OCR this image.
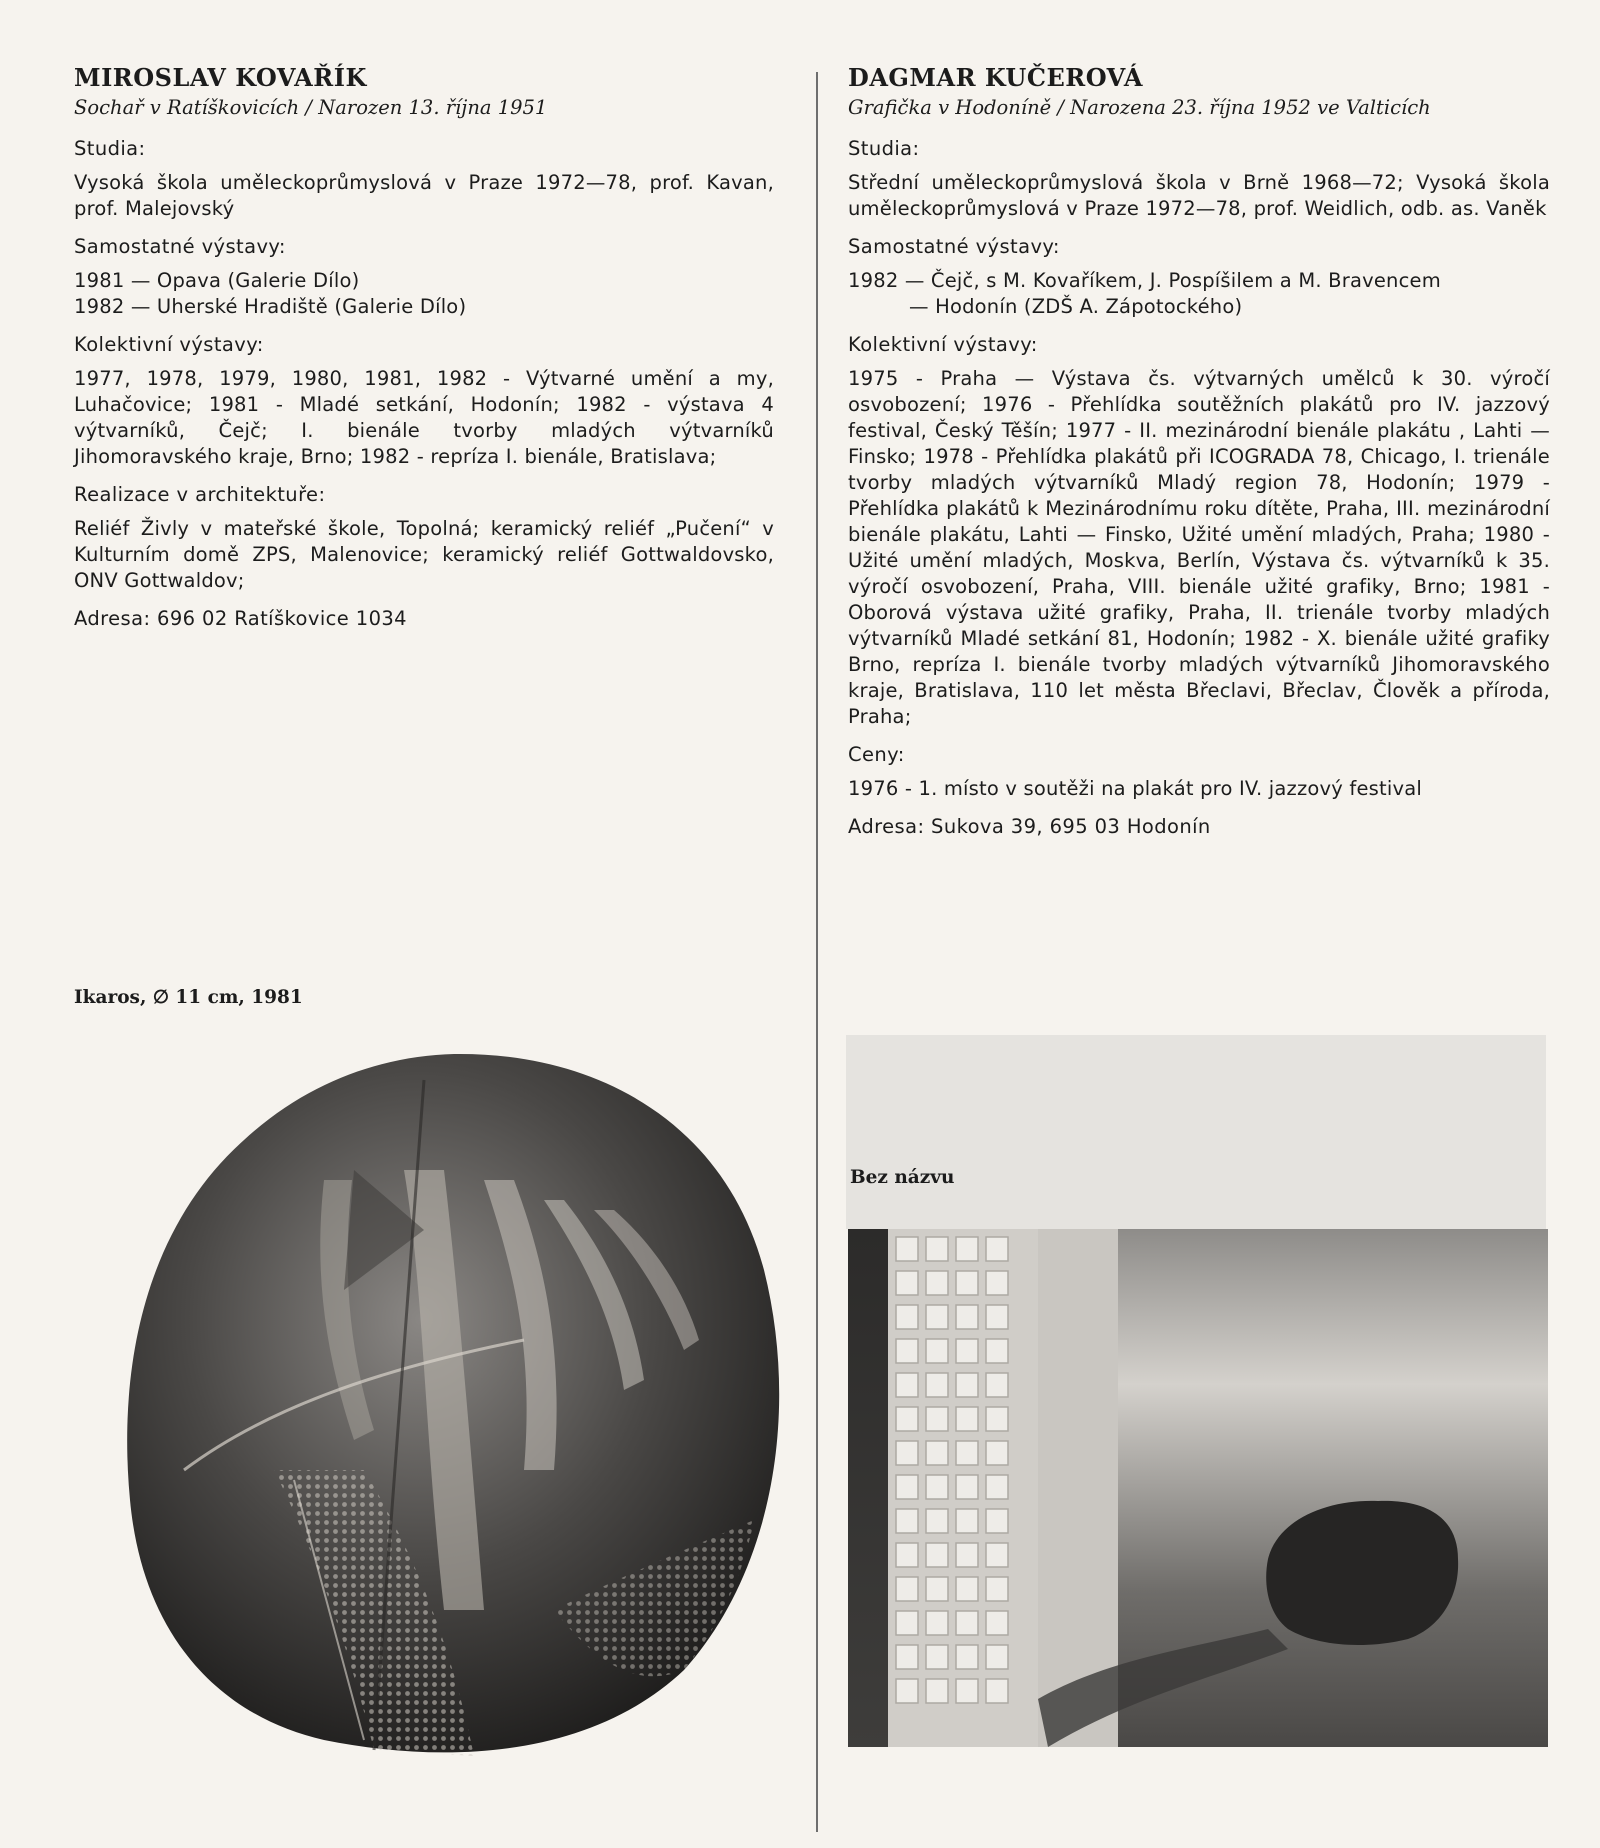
MIROSLAV KOVAŘÍK

Sochař v Ratíškovicích / Narozen 13. října 1951

Studia:

Vysoká škola uměleckoprůmyslová v Praze 1972—78, prof. Kavan, prof. Malejovský

Samostatné výstavy:

1981 — Opava (Galerie Dílo)
1982 — Uherské Hradiště (Galerie Dílo)

Kolektivní výstavy:

1977, 1978, 1979, 1980, 1981, 1982 - Výtvarné umění a my, Luhačovice; 1981 - Mladé setkání, Hodonín; 1982 - výstava 4 výtvarníků, Čejč; I. bienále tvorby mladých výtvarníků Jihomoravského kraje, Brno; 1982 - repríza I. bienále, Bratislava;

Realizace v architektuře:

Reliéf Živly v mateřské škole, Topolná; keramický reliéf „Pučení“ v Kulturním domě ZPS, Malenovice; keramický reliéf Gottwaldovsko, ONV Gottwaldov;

Adresa: 696 02 Ratíškovice 1034

DAGMAR KUČEROVÁ

Grafička v Hodoníně / Narozena 23. října 1952 ve Valticích

Studia:

Střední uměleckoprůmyslová škola v Brně 1968—72; Vysoká škola uměleckoprůmyslová v Praze 1972—78, prof. Weidlich, odb. as. Vaněk

Samostatné výstavy:

1982 — Čejč, s M. Kovaříkem, J. Pospíšilem a M. Bravencem
— Hodonín (ZDŠ A. Zápotockého)

Kolektivní výstavy:

1975 - Praha — Výstava čs. výtvarných umělců k 30. výročí osvobození; 1976 - Přehlídka soutěžních plakátů pro IV. jazzový festival, Český Těšín; 1977 - II. mezinárodní bienále plakátu , Lahti — Finsko; 1978 - Přehlídka plakátů při ICOGRADA 78, Chicago, I. trienále tvorby mladých výtvarníků Mladý region 78, Hodonín; 1979 - Přehlídka plakátů k Mezinárodnímu roku dítěte, Praha, III. mezinárodní bienále plakátu, Lahti — Finsko, Užité umění mladých, Praha; 1980 - Užité umění mladých, Moskva, Berlín, Výstava čs. výtvarníků k 35. výročí osvobození, Praha, VIII. bienále užité grafiky, Brno; 1981 - Oborová výstava užité grafiky, Praha, II. trienále tvorby mladých výtvarníků Mladé setkání 81, Hodonín; 1982 - X. bienále užité grafiky Brno, repríza I. bienále tvorby mladých výtvarníků Jihomoravského kraje, Bratislava, 110 let města Břeclavi, Břeclav, Člověk a příroda, Praha;

Ceny:

1976 - 1. místo v soutěži na plakát pro IV. jazzový festival

Adresa: Sukova 39, 695 03 Hodonín

Ikaros, ∅ 11 cm, 1981

Bez názvu
